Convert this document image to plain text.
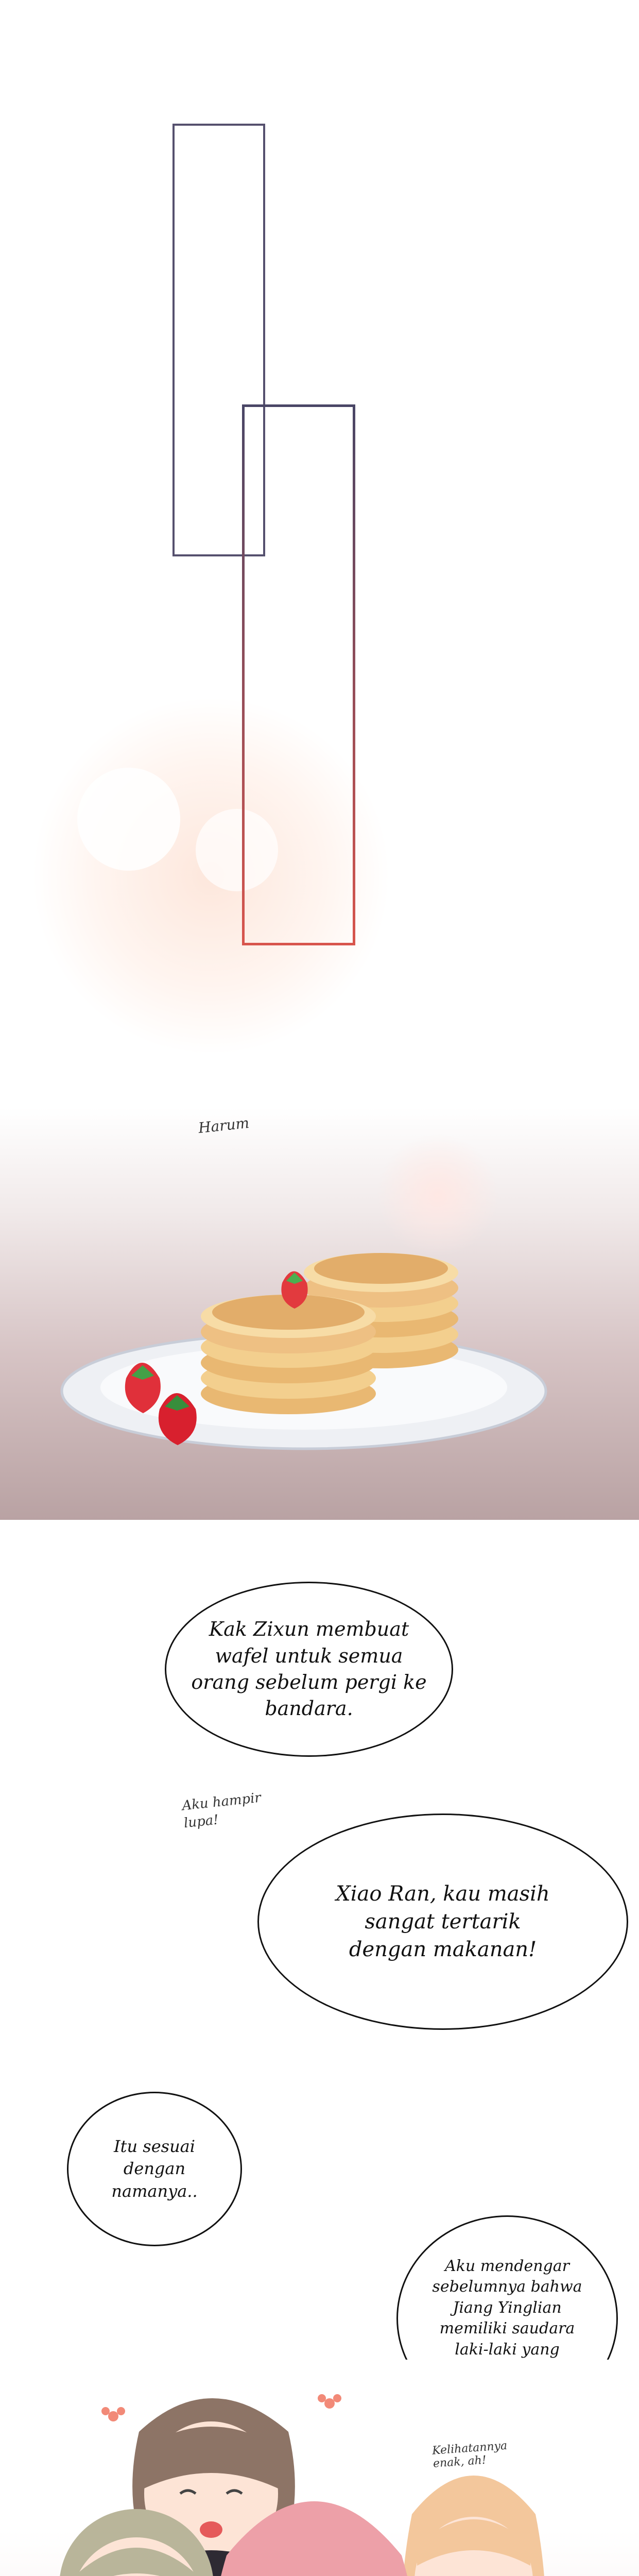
Harum
Kak Zixun membuat wafel untuk semua orang sebelum pergi ke bandara.
Aku hampir lupa!
Xiao Ran, kau masih sangat tertarik dengan makanan!
Itu sesuai dengan namanya..
Aku mendengar sebelumnya bahwa Jiang Yinglian memiliki saudara laki-laki yang
Kelihatannya enak, ah!
